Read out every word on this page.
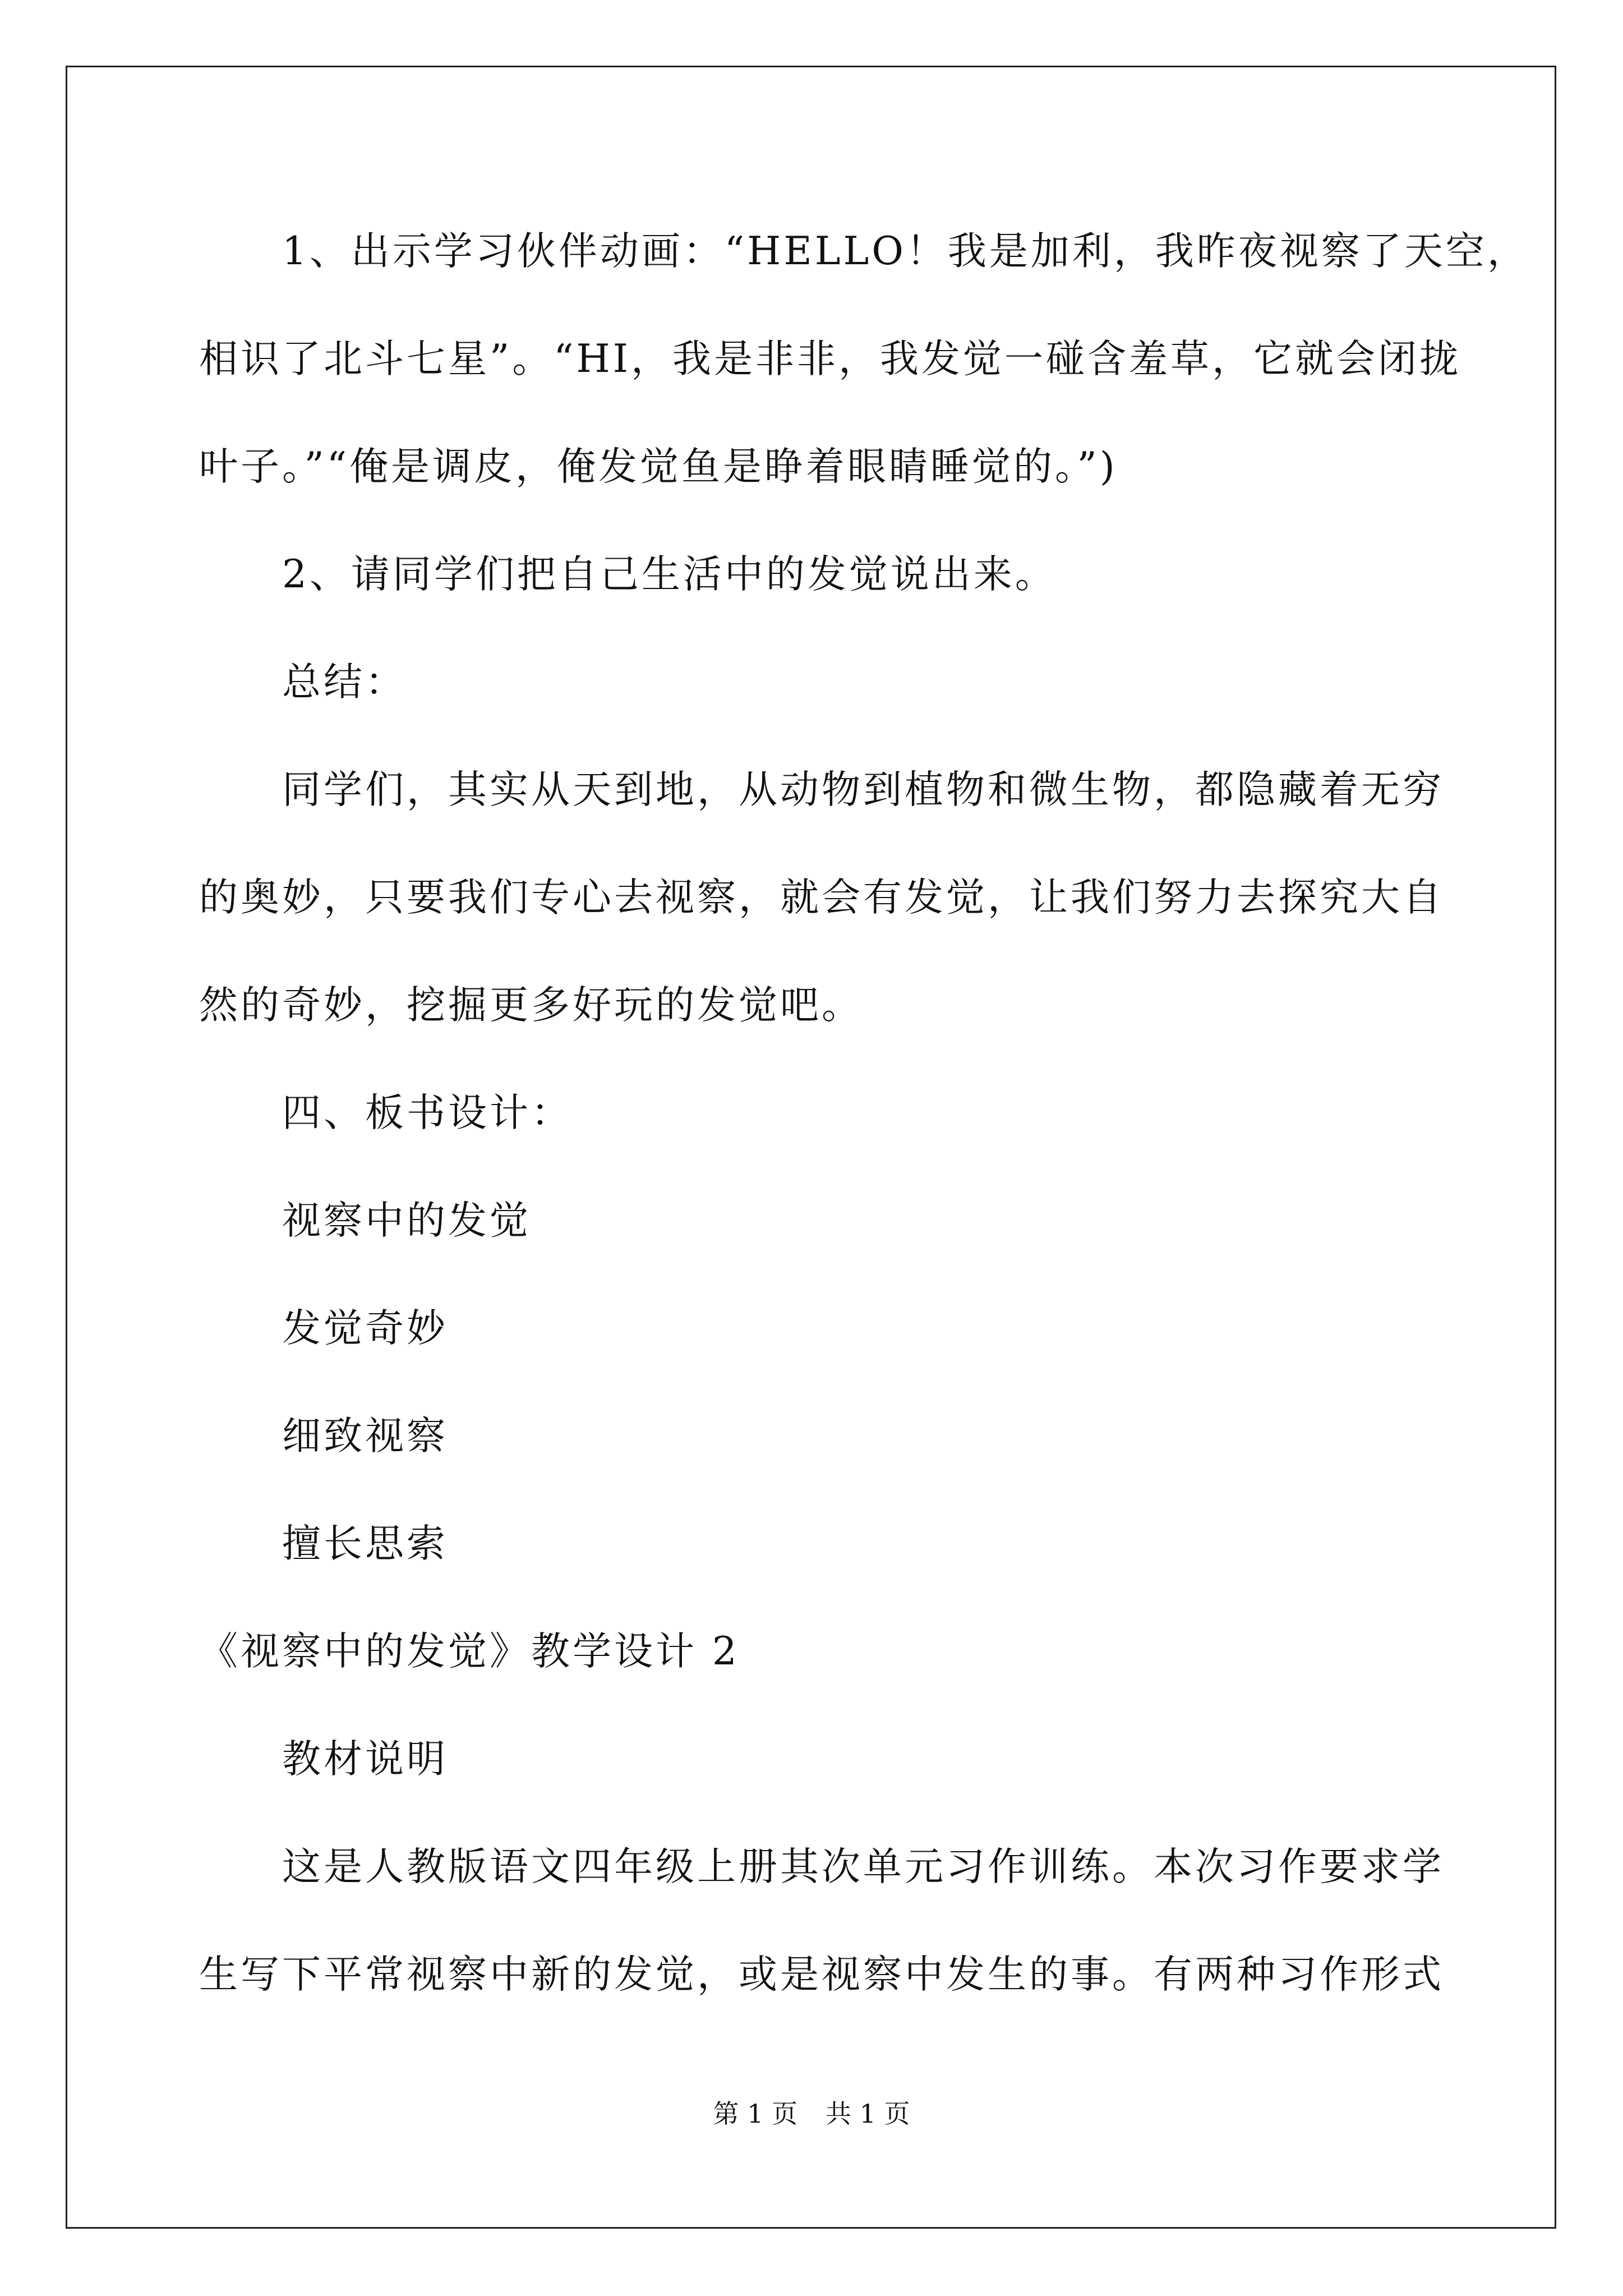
1、出示学习伙伴动画：“HELLO！我是加利，我昨夜视察了天空，
相识了北斗七星”。“HI，我是非非，我发觉一碰含羞草，它就会闭拢
叶子。”“俺是调皮，俺发觉鱼是睁着眼睛睡觉的。”)
2、请同学们把自己生活中的发觉说出来。
总结：
同学们，其实从天到地，从动物到植物和微生物，都隐藏着无穷
的奥妙，只要我们专心去视察，就会有发觉，让我们努力去探究大自
然的奇妙，挖掘更多好玩的发觉吧。
四、板书设计：
视察中的发觉
发觉奇妙
细致视察
擅长思索
《视察中的发觉》教学设计 2
教材说明
这是人教版语文四年级上册其次单元习作训练。本次习作要求学
生写下平常视察中新的发觉，或是视察中发生的事。有两种习作形式
第 1 页 共 1 页
